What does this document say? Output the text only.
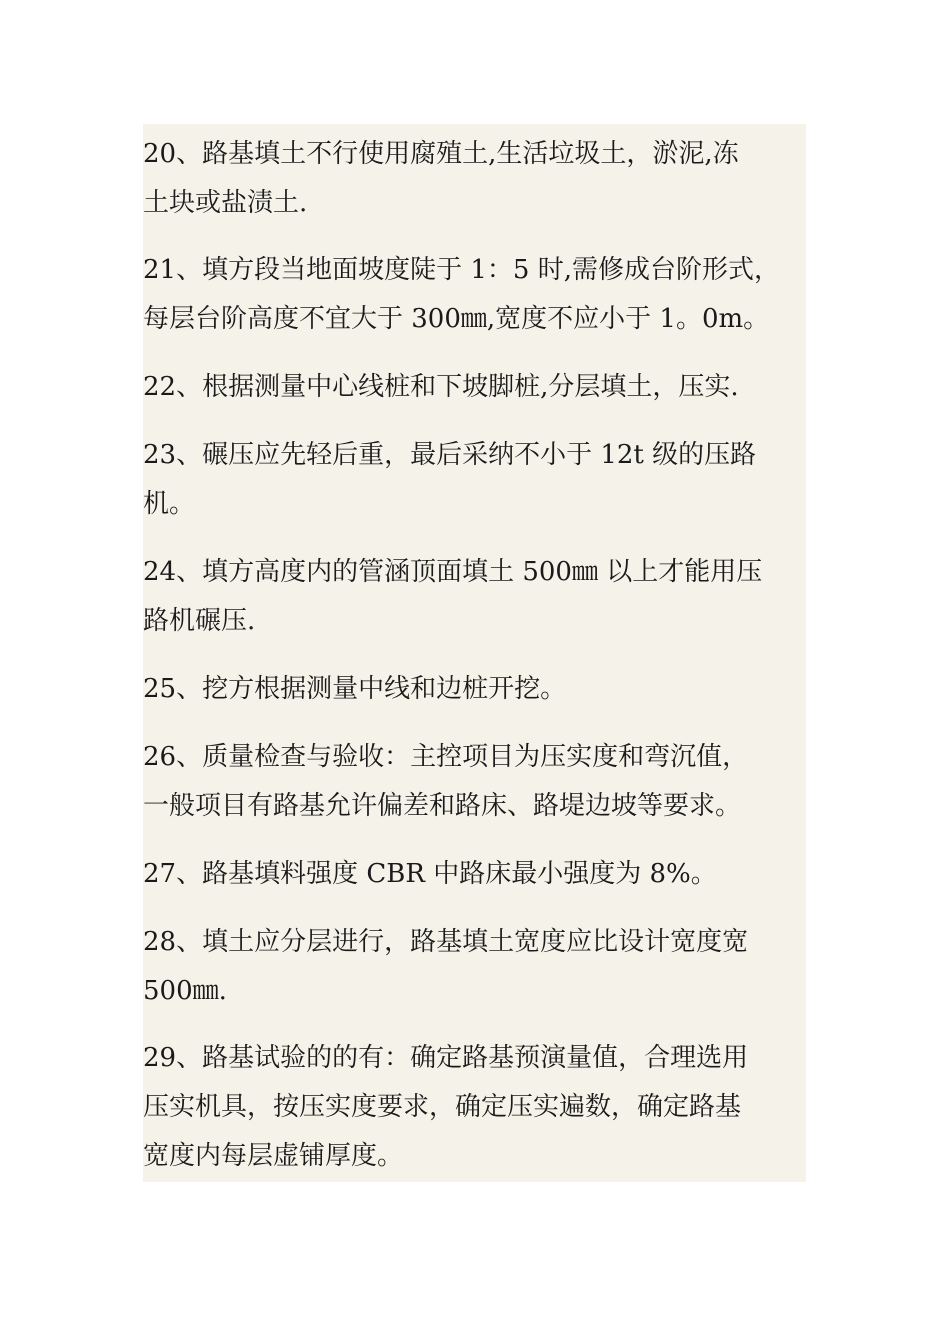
20、路基填土不行使用腐殖土,生活垃圾土，淤泥,冻
土块或盐渍土.

21、填方段当地面坡度陡于 1：5 时,需修成台阶形式，
每层台阶高度不宜大于 300㎜,宽度不应小于 1。0m。

22、根据测量中心线桩和下坡脚桩,分层填土，压实.

23、碾压应先轻后重，最后采纳不小于 12t 级的压路
机。

24、填方高度内的管涵顶面填土 500㎜ 以上才能用压
路机碾压.

25、挖方根据测量中线和边桩开挖。

26、质量检查与验收：主控项目为压实度和弯沉值，
一般项目有路基允许偏差和路床、路堤边坡等要求。

27、路基填料强度 CBR 中路床最小强度为 8%。

28、填土应分层进行，路基填土宽度应比设计宽度宽
500㎜.

29、路基试验的的有：确定路基预演量值，合理选用
压实机具，按压实度要求，确定压实遍数，确定路基
宽度内每层虚铺厚度。
